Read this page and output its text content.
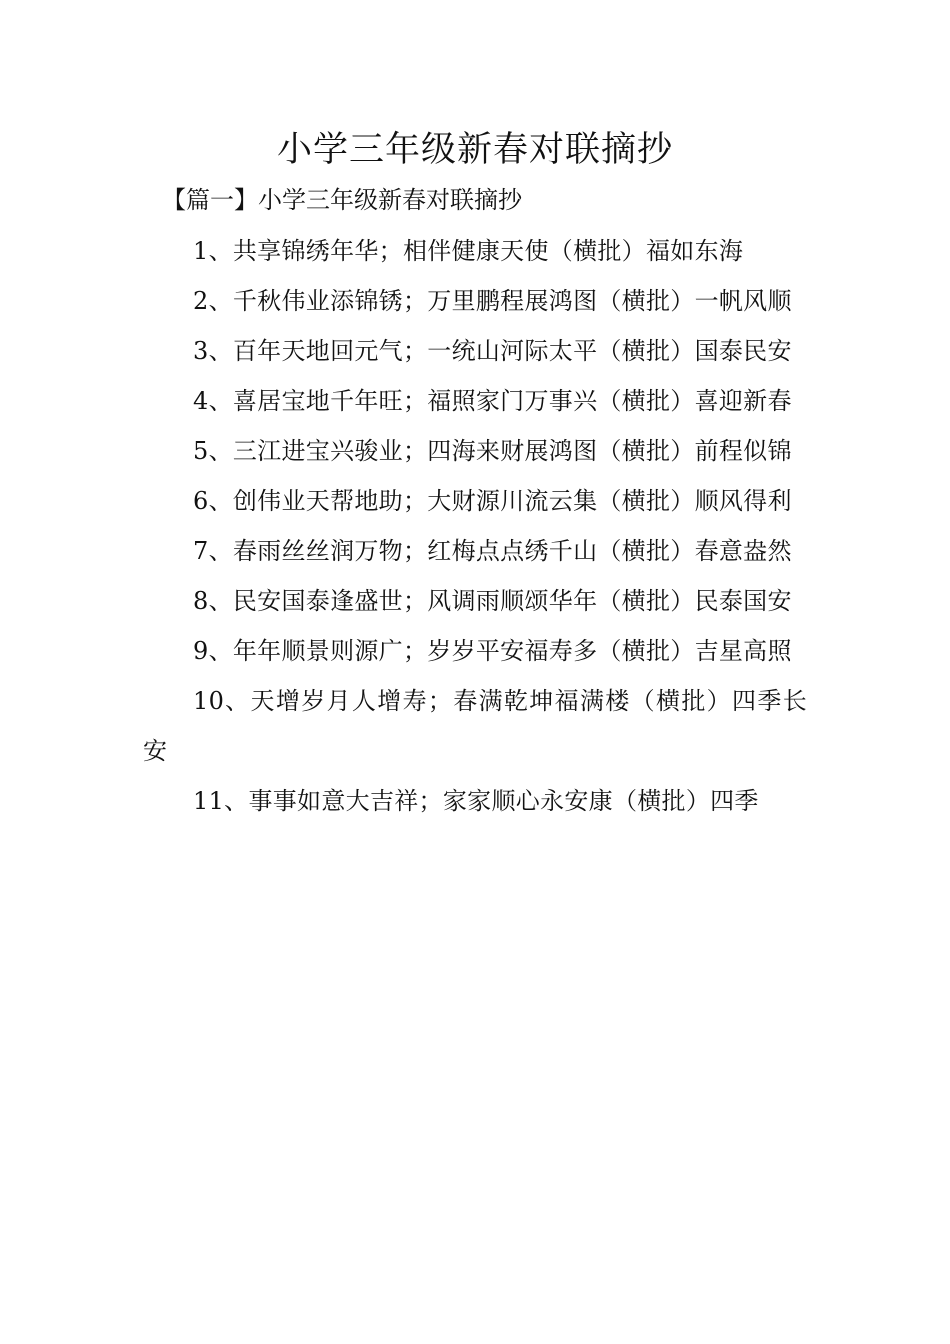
小学三年级新春对联摘抄

【篇一】小学三年级新春对联摘抄

1、共享锦绣年华；相伴健康天使（横批）福如东海

2、千秋伟业添锦锈；万里鹏程展鸿图（横批）一帆风顺

3、百年天地回元气；一统山河际太平（横批）国泰民安

4、喜居宝地千年旺；福照家门万事兴（横批）喜迎新春

5、三江进宝兴骏业；四海来财展鸿图（横批）前程似锦

6、创伟业天帮地助；大财源川流云集（横批）顺风得利

7、春雨丝丝润万物；红梅点点绣千山（横批）春意盎然

8、民安国泰逢盛世；风调雨顺颂华年（横批）民泰国安

9、年年顺景则源广；岁岁平安福寿多（横批）吉星高照

10、天增岁月人增寿；春满乾坤福满楼（横批）四季长安

11、事事如意大吉祥；家家顺心永安康（横批）四季
